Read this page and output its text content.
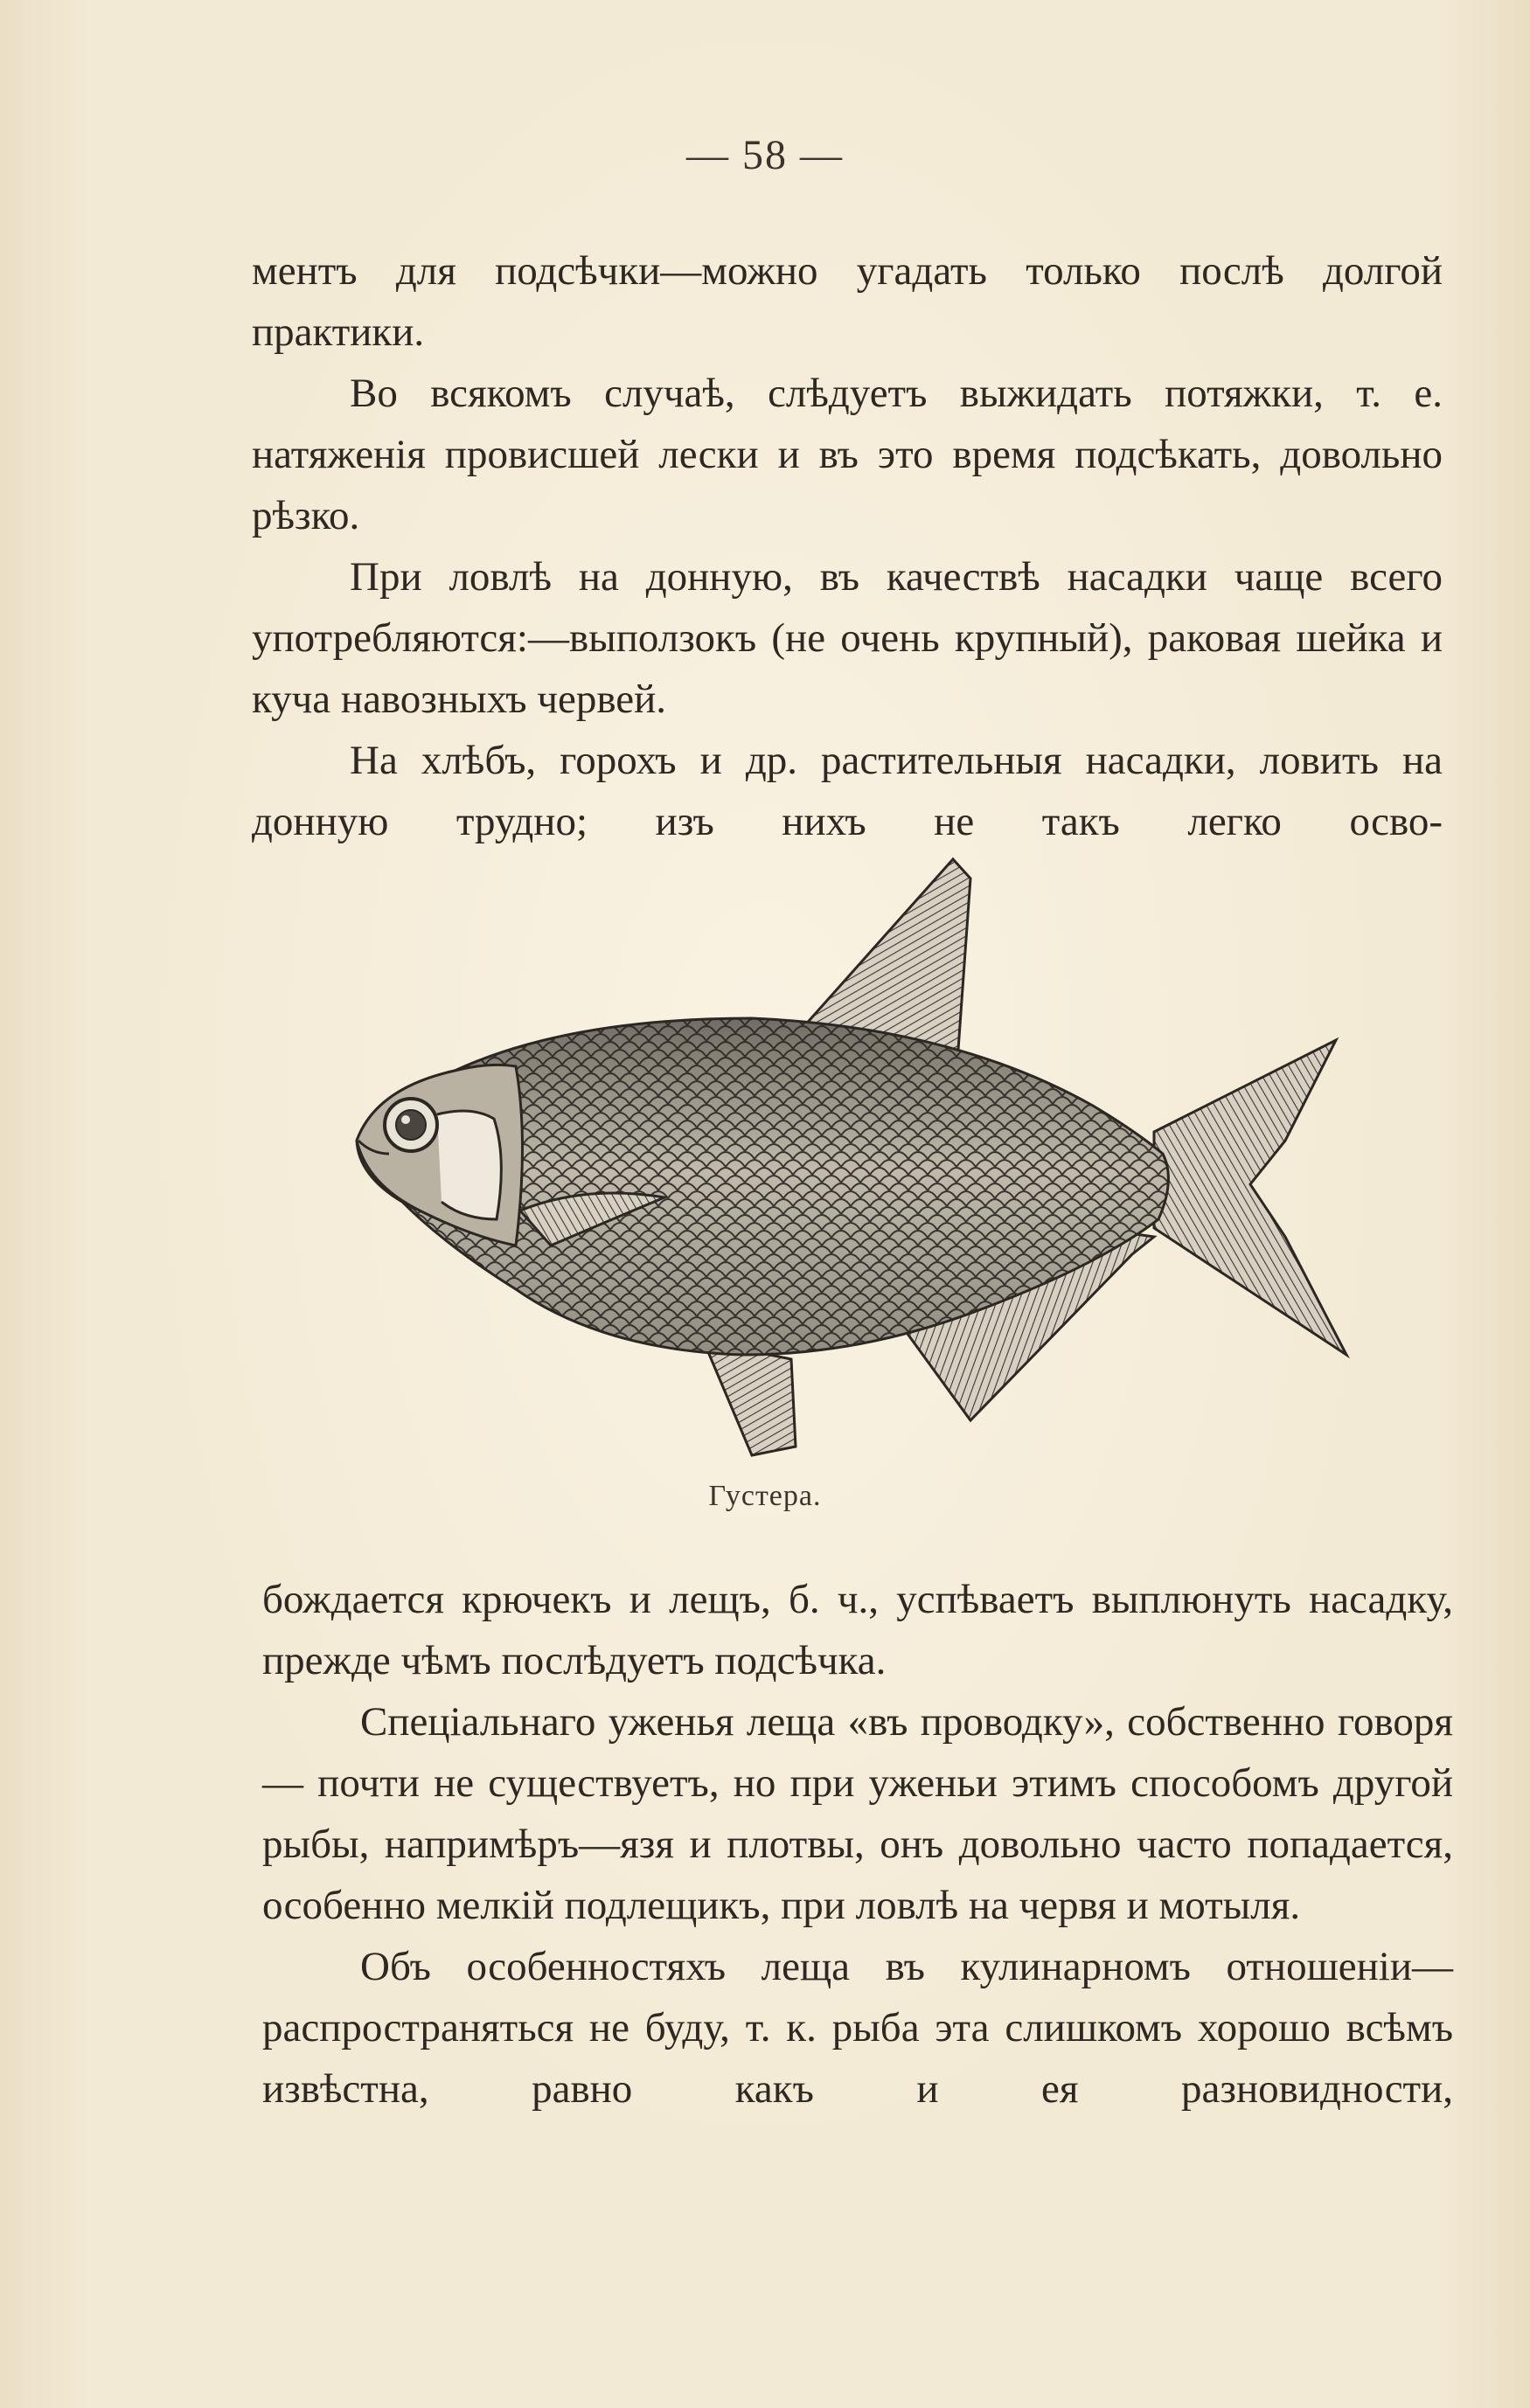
— 58 —

ментъ для подсѣчки—можно угадать только послѣ долгой практики.

Во всякомъ случаѣ, слѣдуетъ выжидать потяжки, т. е. натяженія провисшей лески и въ это время подсѣкать, довольно рѣзко.

При ловлѣ на донную, въ качествѣ насадки чаще всего употребляются:—выползокъ (не очень крупный), раковая шейка и куча навозныхъ червей.

На хлѣбъ, горохъ и др. растительныя насадки, ловить на донную трудно; изъ нихъ не такъ легко осво-

Густера.

бождается крючекъ и лещъ, б. ч., успѣваетъ выплюнуть насадку, прежде чѣмъ послѣдуетъ подсѣчка.

Спеціальнаго уженья леща «въ проводку», собственно говоря — почти не существуетъ, но при уженьи этимъ способомъ другой рыбы, напримѣръ—язя и плотвы, онъ довольно часто попадается, особенно мелкій подлещикъ, при ловлѣ на червя и мотыля.

Объ особенностяхъ леща въ кулинарномъ отношеніи—распространяться не буду, т. к. рыба эта слишкомъ хорошо всѣмъ извѣстна, равно какъ и ея разновидности,
